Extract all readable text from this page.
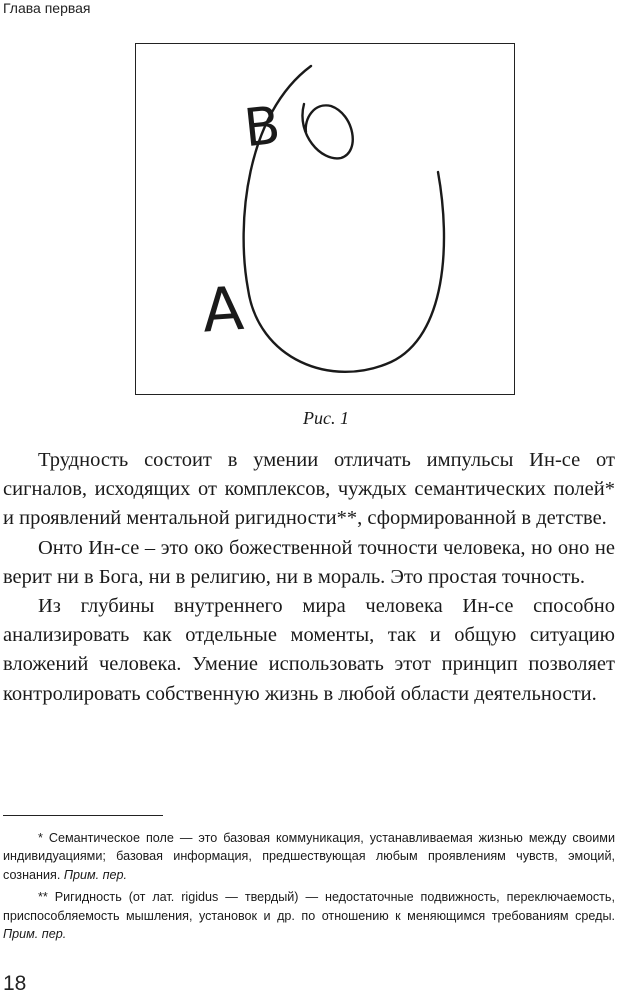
Глава первая
B
A
Рис. 1

Трудность состоит в умении отличать импульсы Ин-се от сигналов, исходящих от комплексов, чуждых семантических полей* и проявлений ментальной ригидности**, сформированной в детстве.

Онто Ин-се – это око божественной точности человека, но оно не верит ни в Бога, ни в религию, ни в мораль. Это простая точность.

Из глубины внутреннего мира человека Ин-се способно анализировать как отдельные моменты, так и общую ситуацию вложений человека. Умение использовать этот принцип позволяет контролировать собственную жизнь в любой области деятельности.

* Семантическое поле — это базовая коммуникация, устанавливаемая жизнью между своими индивидуациями; базовая информация, предшествующая любым проявлениям чувств, эмоций, сознания. Прим. пер.

** Ригидность (от лат. rigidus — твердый) — недостаточные подвижность, переключаемость, приспособляемость мышления, установок и др. по отношению к меняющимся требованиям среды. Прим. пер.

18
